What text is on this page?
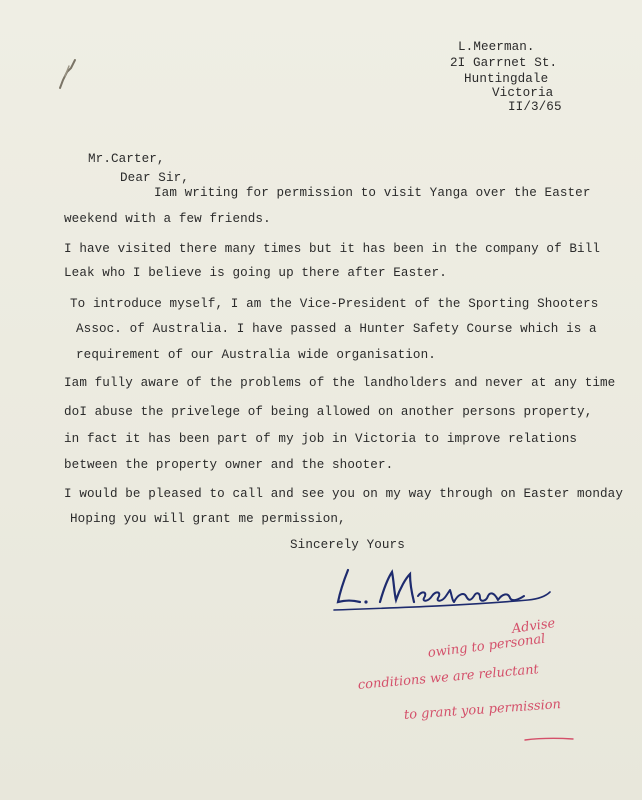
L.Meerman.
2I Garrnet St.
Huntingdale
Victoria
II/3/65
Mr.Carter,
Dear Sir,
Iam writing for permission to visit Yanga over the Easter
weekend with a few friends.
I have visited there many times but it has been in the company of Bill
Leak who I believe is going up there after Easter.
To introduce myself, I am the Vice-President of the Sporting Shooters
Assoc. of Australia. I have passed a Hunter Safety Course which is a
requirement of our Australia wide organisation.
Iam fully aware of the problems of the landholders and never at any time
doI abuse the privelege of being allowed on another persons property,
in fact it has been part of my job in Victoria to improve relations
between the property owner and the shooter.
I would be pleased to call and see you on my way through on Easter monday
Hoping you will grant me permission,
Sincerely Yours
Advise
owing to personal
conditions we are reluctant
to grant you permission
